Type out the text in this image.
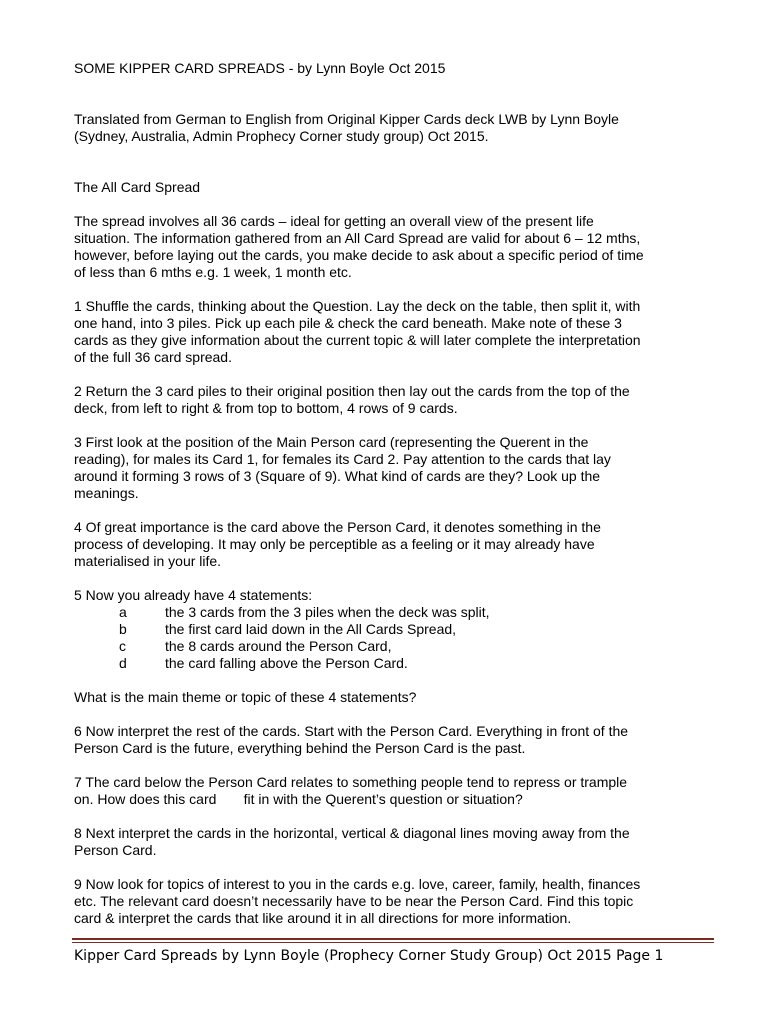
SOME KIPPER CARD SPREADS - by Lynn Boyle Oct 2015

Translated from German to English from Original Kipper Cards deck LWB by Lynn Boyle

(Sydney, Australia, Admin Prophecy Corner study group) Oct 2015.

The All Card Spread

The spread involves all 36 cards – ideal for getting an overall view of the present life

situation. The information gathered from an All Card Spread are valid for about 6 – 12 mths,

however, before laying out the cards, you make decide to ask about a specific period of time

of less than 6 mths e.g. 1 week, 1 month etc.

1 Shuffle the cards, thinking about the Question. Lay the deck on the table, then split it, with

one hand, into 3 piles. Pick up each pile & check the card beneath. Make note of these 3

cards as they give information about the current topic & will later complete the interpretation

of the full 36 card spread.

2 Return the 3 card piles to their original position then lay out the cards from the top of the

deck, from left to right & from top to bottom, 4 rows of 9 cards.

3 First look at the position of the Main Person card (representing the Querent in the

reading), for males its Card 1, for females its Card 2. Pay attention to the cards that lay

around it forming 3 rows of 3 (Square of 9). What kind of cards are they? Look up the

meanings.

4 Of great importance is the card above the Person Card, it denotes something in the

process of developing. It may only be perceptible as a feeling or it may already have

materialised in your life.

5 Now you already have 4 statements:

a	the 3 cards from the 3 piles when the deck was split,
b	the first card laid down in the All Cards Spread,
c	the 8 cards around the Person Card,
d	the card falling above the Person Card.

What is the main theme or topic of these 4 statements?

6 Now interpret the rest of the cards. Start with the Person Card. Everything in front of the

Person Card is the future, everything behind the Person Card is the past.

7 The card below the Person Card relates to something people tend to repress or trample

on. How does this card       fit in with the Querent’s question or situation?

8 Next interpret the cards in the horizontal, vertical & diagonal lines moving away from the

Person Card.

9 Now look for topics of interest to you in the cards e.g. love, career, family, health, finances

etc. The relevant card doesn’t necessarily have to be near the Person Card. Find this topic

card & interpret the cards that like around it in all directions for more information.

Kipper Card Spreads by Lynn Boyle (Prophecy Corner Study Group) Oct 2015 Page 1
